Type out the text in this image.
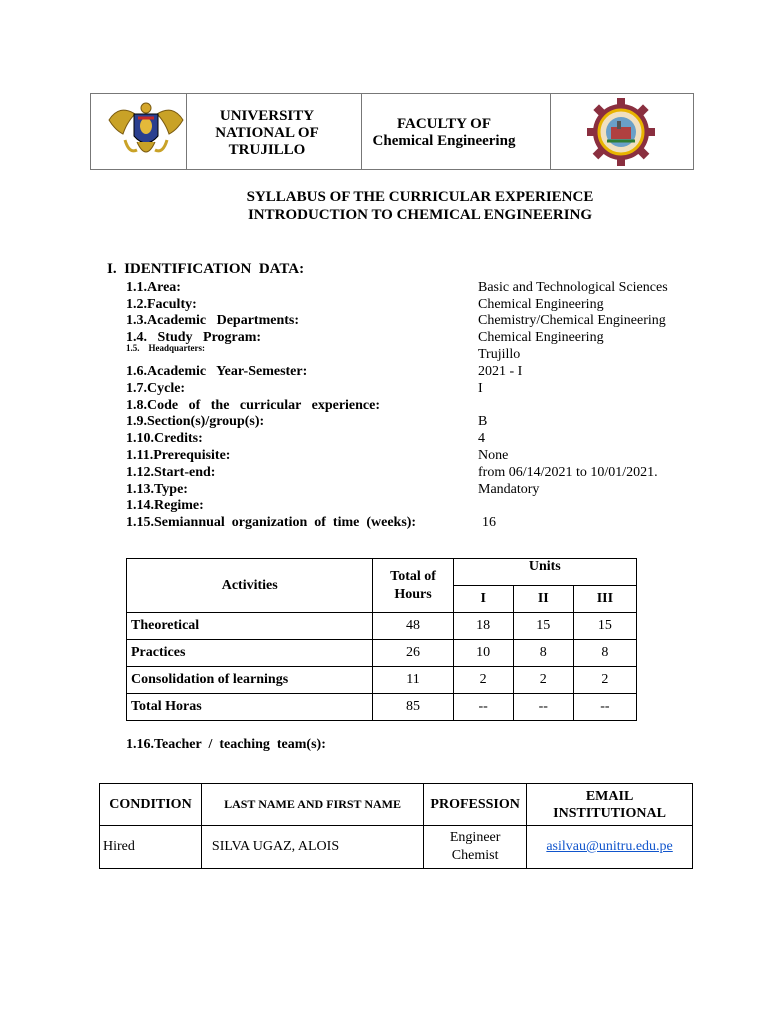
UNIVERSITY
NATIONAL OF
TRUJILLO
FACULTY OF
Chemical Engineering
SYLLABUS OF THE CURRICULAR EXPERIENCE
INTRODUCTION TO CHEMICAL ENGINEERING
I.  IDENTIFICATION  DATA:
1.1.Area:	Basic and Technological Sciences
1.2.Faculty:	Chemical Engineering
1.3.Academic   Departments:	Chemistry/Chemical Engineering
1.4.   Study   Program:	Chemical Engineering
1.5.    Headquarters:	Trujillo
1.6.Academic   Year-Semester:	2021 - I
1.7.Cycle:	I
1.8.Code   of   the   curricular   experience:
1.9.Section(s)/group(s):	B
1.10.Credits:	4
1.11.Prerequisite:	None
1.12.Start-end:	from 06/14/2021 to 10/01/2021.
1.13.Type:	Mandatory
1.14.Regime:
1.15.Semiannual  organization  of  time  (weeks):	16
Activities	Total of Hours	Units		
		I	II	III
Theoretical	48	18	15	15
Practices	26	10	8	8
Consolidation of learnings	11	2	2	2
Total Horas	85	--	--	--
1.16.Teacher  /  teaching  team(s):
CONDITION	LAST NAME AND FIRST NAME	PROFESSION	EMAIL INSTITUTIONAL

Hired	SILVA UGAZ, ALOIS	Engineer Chemist	asilvau@unitru.edu.pe
